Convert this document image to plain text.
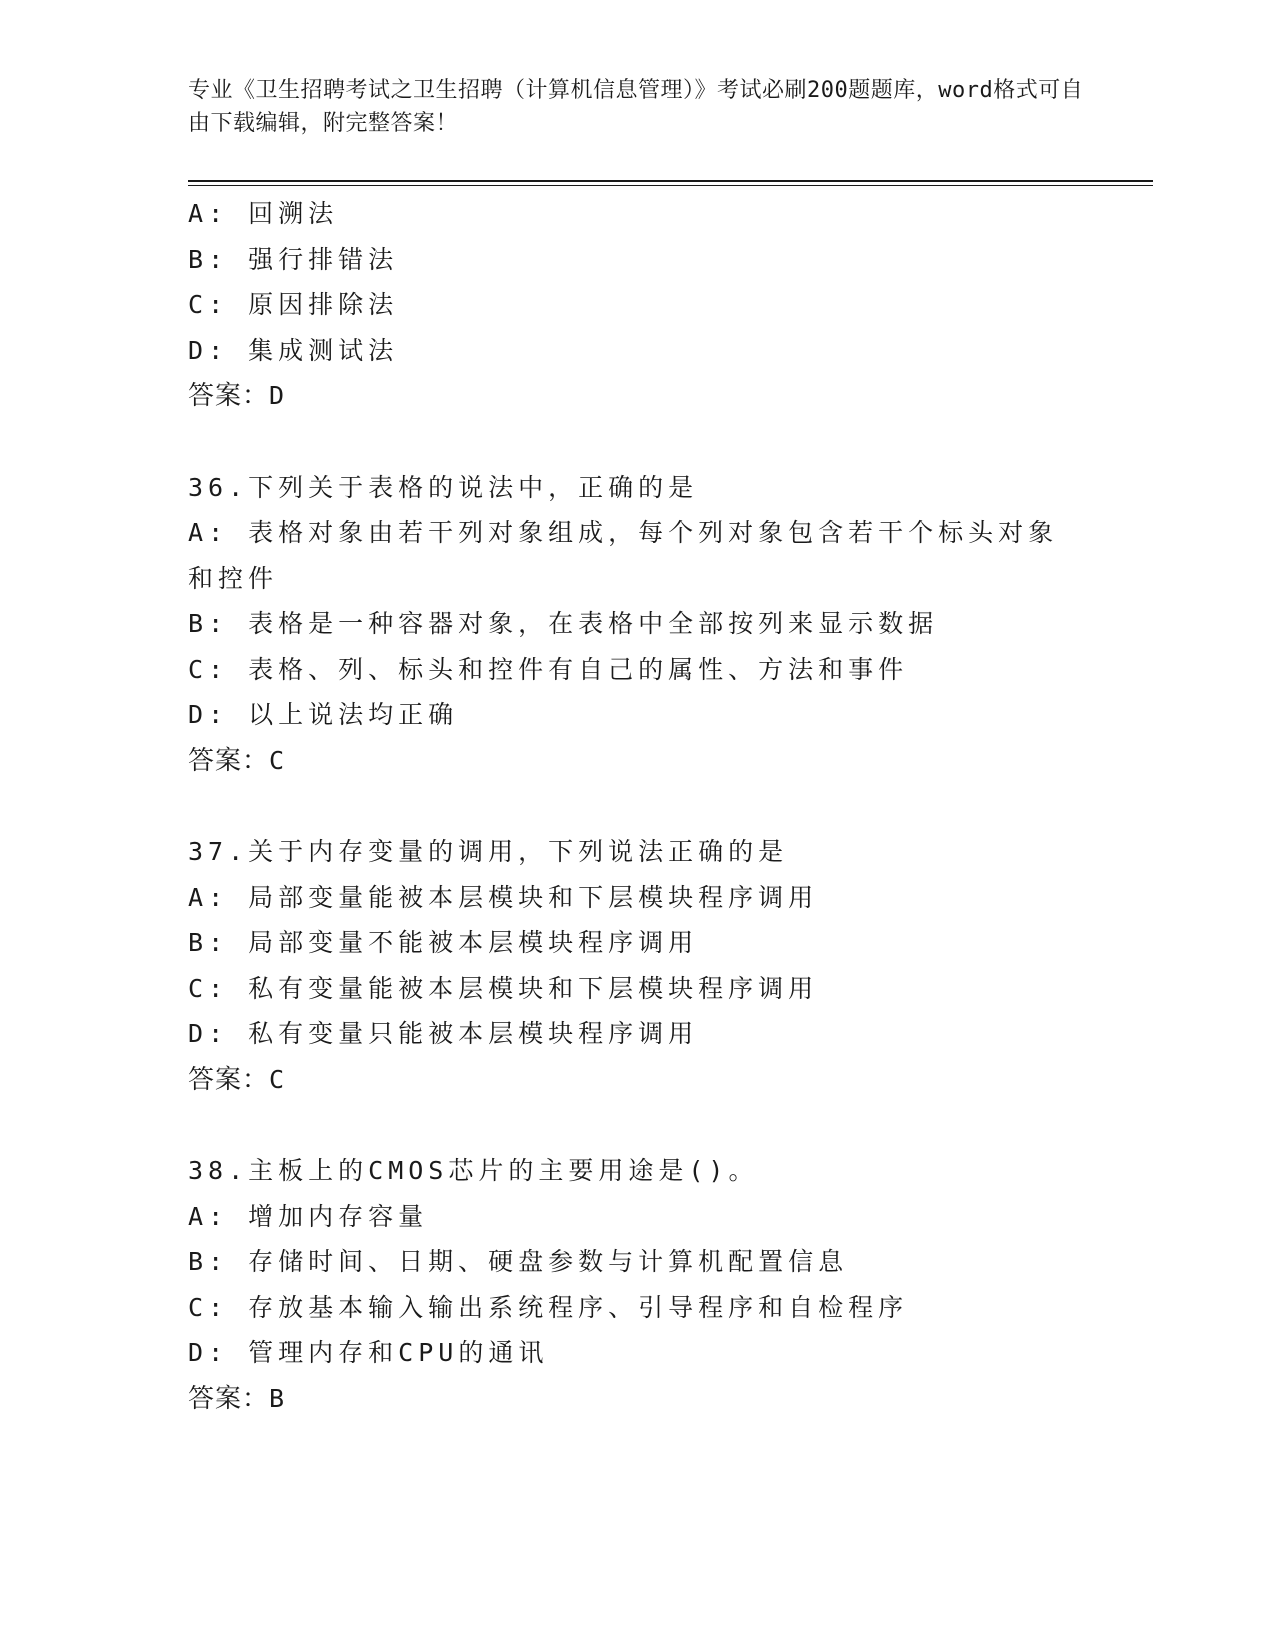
专业《卫生招聘考试之卫生招聘（计算机信息管理）》考试必刷200题题库，word格式可自由下载编辑，附完整答案！
A: 回溯法
B: 强行排错法
C: 原因排除法
D: 集成测试法
答案：D
36.下列关于表格的说法中，正确的是
A: 表格对象由若干列对象组成，每个列对象包含若干个标头对象和控件
B: 表格是一种容器对象，在表格中全部按列来显示数据
C: 表格、列、标头和控件有自己的属性、方法和事件
D: 以上说法均正确
答案：C
37.关于内存变量的调用，下列说法正确的是
A: 局部变量能被本层模块和下层模块程序调用
B: 局部变量不能被本层模块程序调用
C: 私有变量能被本层模块和下层模块程序调用
D: 私有变量只能被本层模块程序调用
答案：C
38.主板上的CMOS芯片的主要用途是()。
A: 增加内存容量
B: 存储时间、日期、硬盘参数与计算机配置信息
C: 存放基本输入输出系统程序、引导程序和自检程序
D: 管理内存和CPU的通讯
答案：B
